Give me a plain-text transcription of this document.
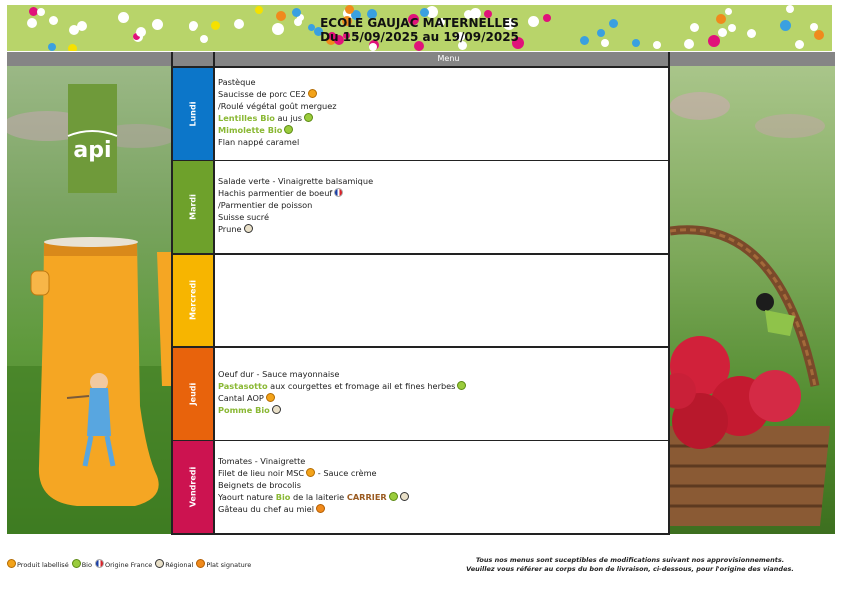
ECOLE GAUJAC MATERNELLES
Du 15/09/2025 au 19/09/2025
Menu
api
Lundi
Pastèque
Saucisse de porc CE2
/Roulé végétal goût merguez
Lentilles Bio au jus
Mimolette Bio
Flan nappé caramel
Mardi
Salade verte - Vinaigrette balsamique
Hachis parmentier de boeuf
/Parmentier de poisson
Suisse sucré
Prune
Mercredi
Jeudi
Oeuf dur - Sauce mayonnaise
Pastasotto aux courgettes et fromage ail et fines herbes
Cantal AOP
Pomme Bio
Vendredi
Tomates - Vinaigrette
Filet de lieu noir MSC - Sauce crème
Beignets de brocolis
Yaourt nature Bio de la laiterie CARRIER
Gâteau du chef au miel
Produit labellisé Bio Origine France Régional Plat signature
Tous nos menus sont suceptibles de modifications suivant nos approvisionnements.
Veuillez vous référer au corps du bon de livraison, ci-dessous, pour l'origine des viandes.
